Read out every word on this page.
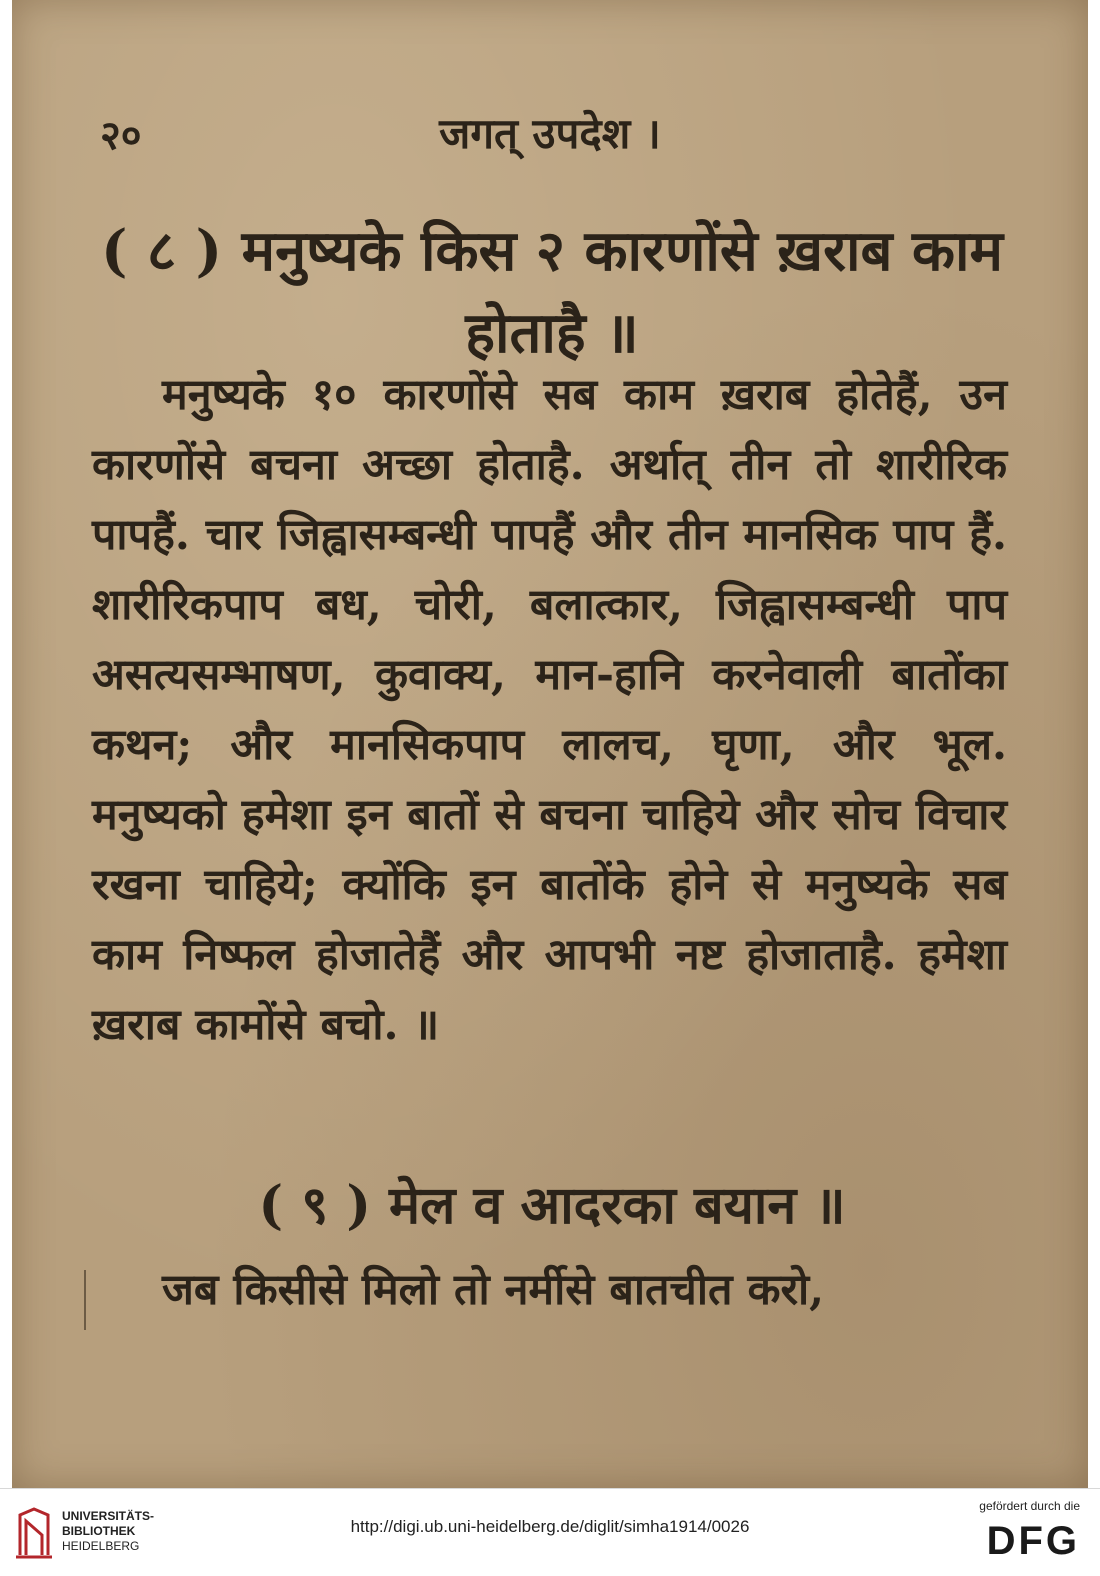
२०	जगत् उपदेश ।
( ८ ) मनुष्यके किस २ कारणोंसे ख़राब काम होताहै ॥
मनुष्यके १० कारणोंसे सब काम ख़राब होतेहैं, उन कारणोंसे बचना अच्छा होताहै. अर्थात् तीन तो शारीरिक पापहैं. चार जिह्वासम्बन्धी पापहैं और तीन मानसिक पाप हैं. शारीरिकपाप बध, चोरी, बलात्कार, जिह्वासम्बन्धी पाप असत्यसम्भाषण, कुवाक्य, मान-हानि करनेवाली बातोंका कथन; और मानसिकपाप लालच, घृणा, और भूल. मनुष्यको हमेशा इन बातों से बचना चाहिये और सोच विचार रखना चाहिये; क्योंकि इन बातोंके होने से मनुष्यके सब काम निष्फल होजातेहैं और आपभी नष्ट होजाताहै. हमेशा ख़राब कामोंसे बचो. ॥
( ९ ) मेल व आदरका बयान ॥
जब किसीसे मिलो तो नर्मीसे बातचीत करो,
UNIVERSITÄTS-
BIBLIOTHEK
HEIDELBERG
http://digi.ub.uni-heidelberg.de/diglit/simha1914/0026
gefördert durch die
DFG
